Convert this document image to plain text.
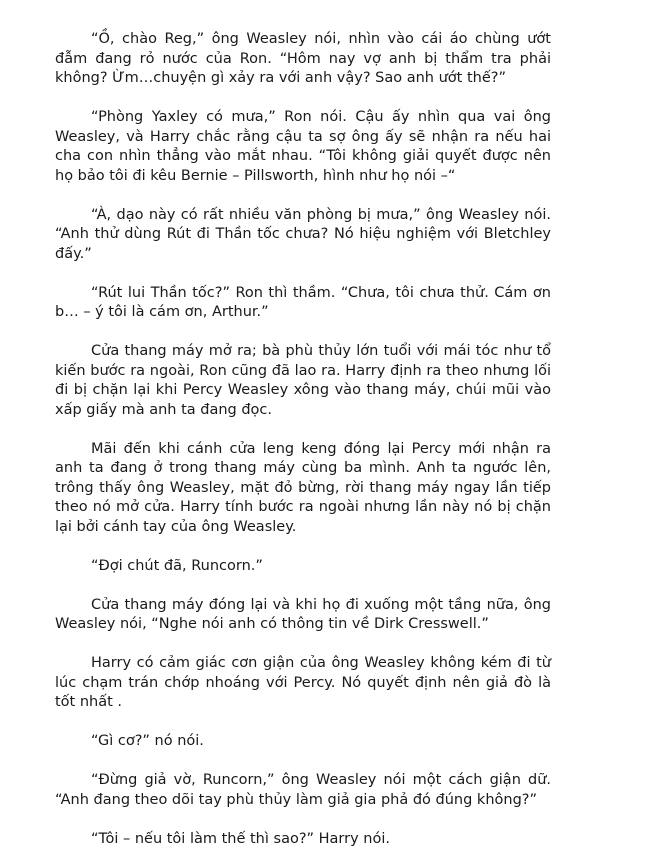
“Ồ, chào Reg,” ông Weasley nói, nhìn vào cái áo chùng ướt đẫm đang rỏ nước của Ron. “Hôm nay vợ anh bị thẩm tra phải không? Ừm…chuyện gì xảy ra với anh vậy? Sao anh ướt thế?”

“Phòng Yaxley có mưa,” Ron nói. Cậu ấy nhìn qua vai ông Weasley, và Harry chắc rằng cậu ta sợ ông ấy sẽ nhận ra nếu hai cha con nhìn thẳng vào mắt nhau. “Tôi không giải quyết được nên họ bảo tôi đi kêu Bernie – Pillsworth, hình như họ nói –“

“À, dạo này có rất nhiều văn phòng bị mưa,” ông Weasley nói. “Anh thử dùng Rút đi Thần tốc chưa? Nó hiệu nghiệm với Bletchley đấy.”

“Rút lui Thần tốc?” Ron thì thầm. “Chưa, tôi chưa thử. Cám ơn b… – ý tôi là cám ơn, Arthur.”

Cửa thang máy mở ra; bà phù thủy lớn tuổi với mái tóc như tổ kiến bước ra ngoài, Ron cũng đã lao ra. Harry định ra theo nhưng lối đi bị chặn lại khi Percy Weasley xông vào thang máy, chúi mũi vào xấp giấy mà anh ta đang đọc.

Mãi đến khi cánh cửa leng keng đóng lại Percy mới nhận ra anh ta đang ở trong thang máy cùng ba mình. Anh ta ngước lên, trông thấy ông Weasley, mặt đỏ bừng, rời thang máy ngay lần tiếp theo nó mở cửa. Harry tính bước ra ngoài nhưng lần này nó bị chặn lại bởi cánh tay của ông Weasley.

“Đợi chút đã, Runcorn.”

Cửa thang máy đóng lại và khi họ đi xuống một tầng nữa, ông Weasley nói, “Nghe nói anh có thông tin về Dirk Cresswell.”

Harry có cảm giác cơn giận của ông Weasley không kém đi từ lúc chạm trán chớp nhoáng với Percy. Nó quyết định nên giả đò là tốt nhất .

“Gì cơ?” nó nói.

“Đừng giả vờ, Runcorn,” ông Weasley nói một cách giận dữ. “Anh đang theo dõi tay phù thủy làm giả gia phả đó đúng không?”

“Tôi – nếu tôi làm thế thì sao?” Harry nói.
